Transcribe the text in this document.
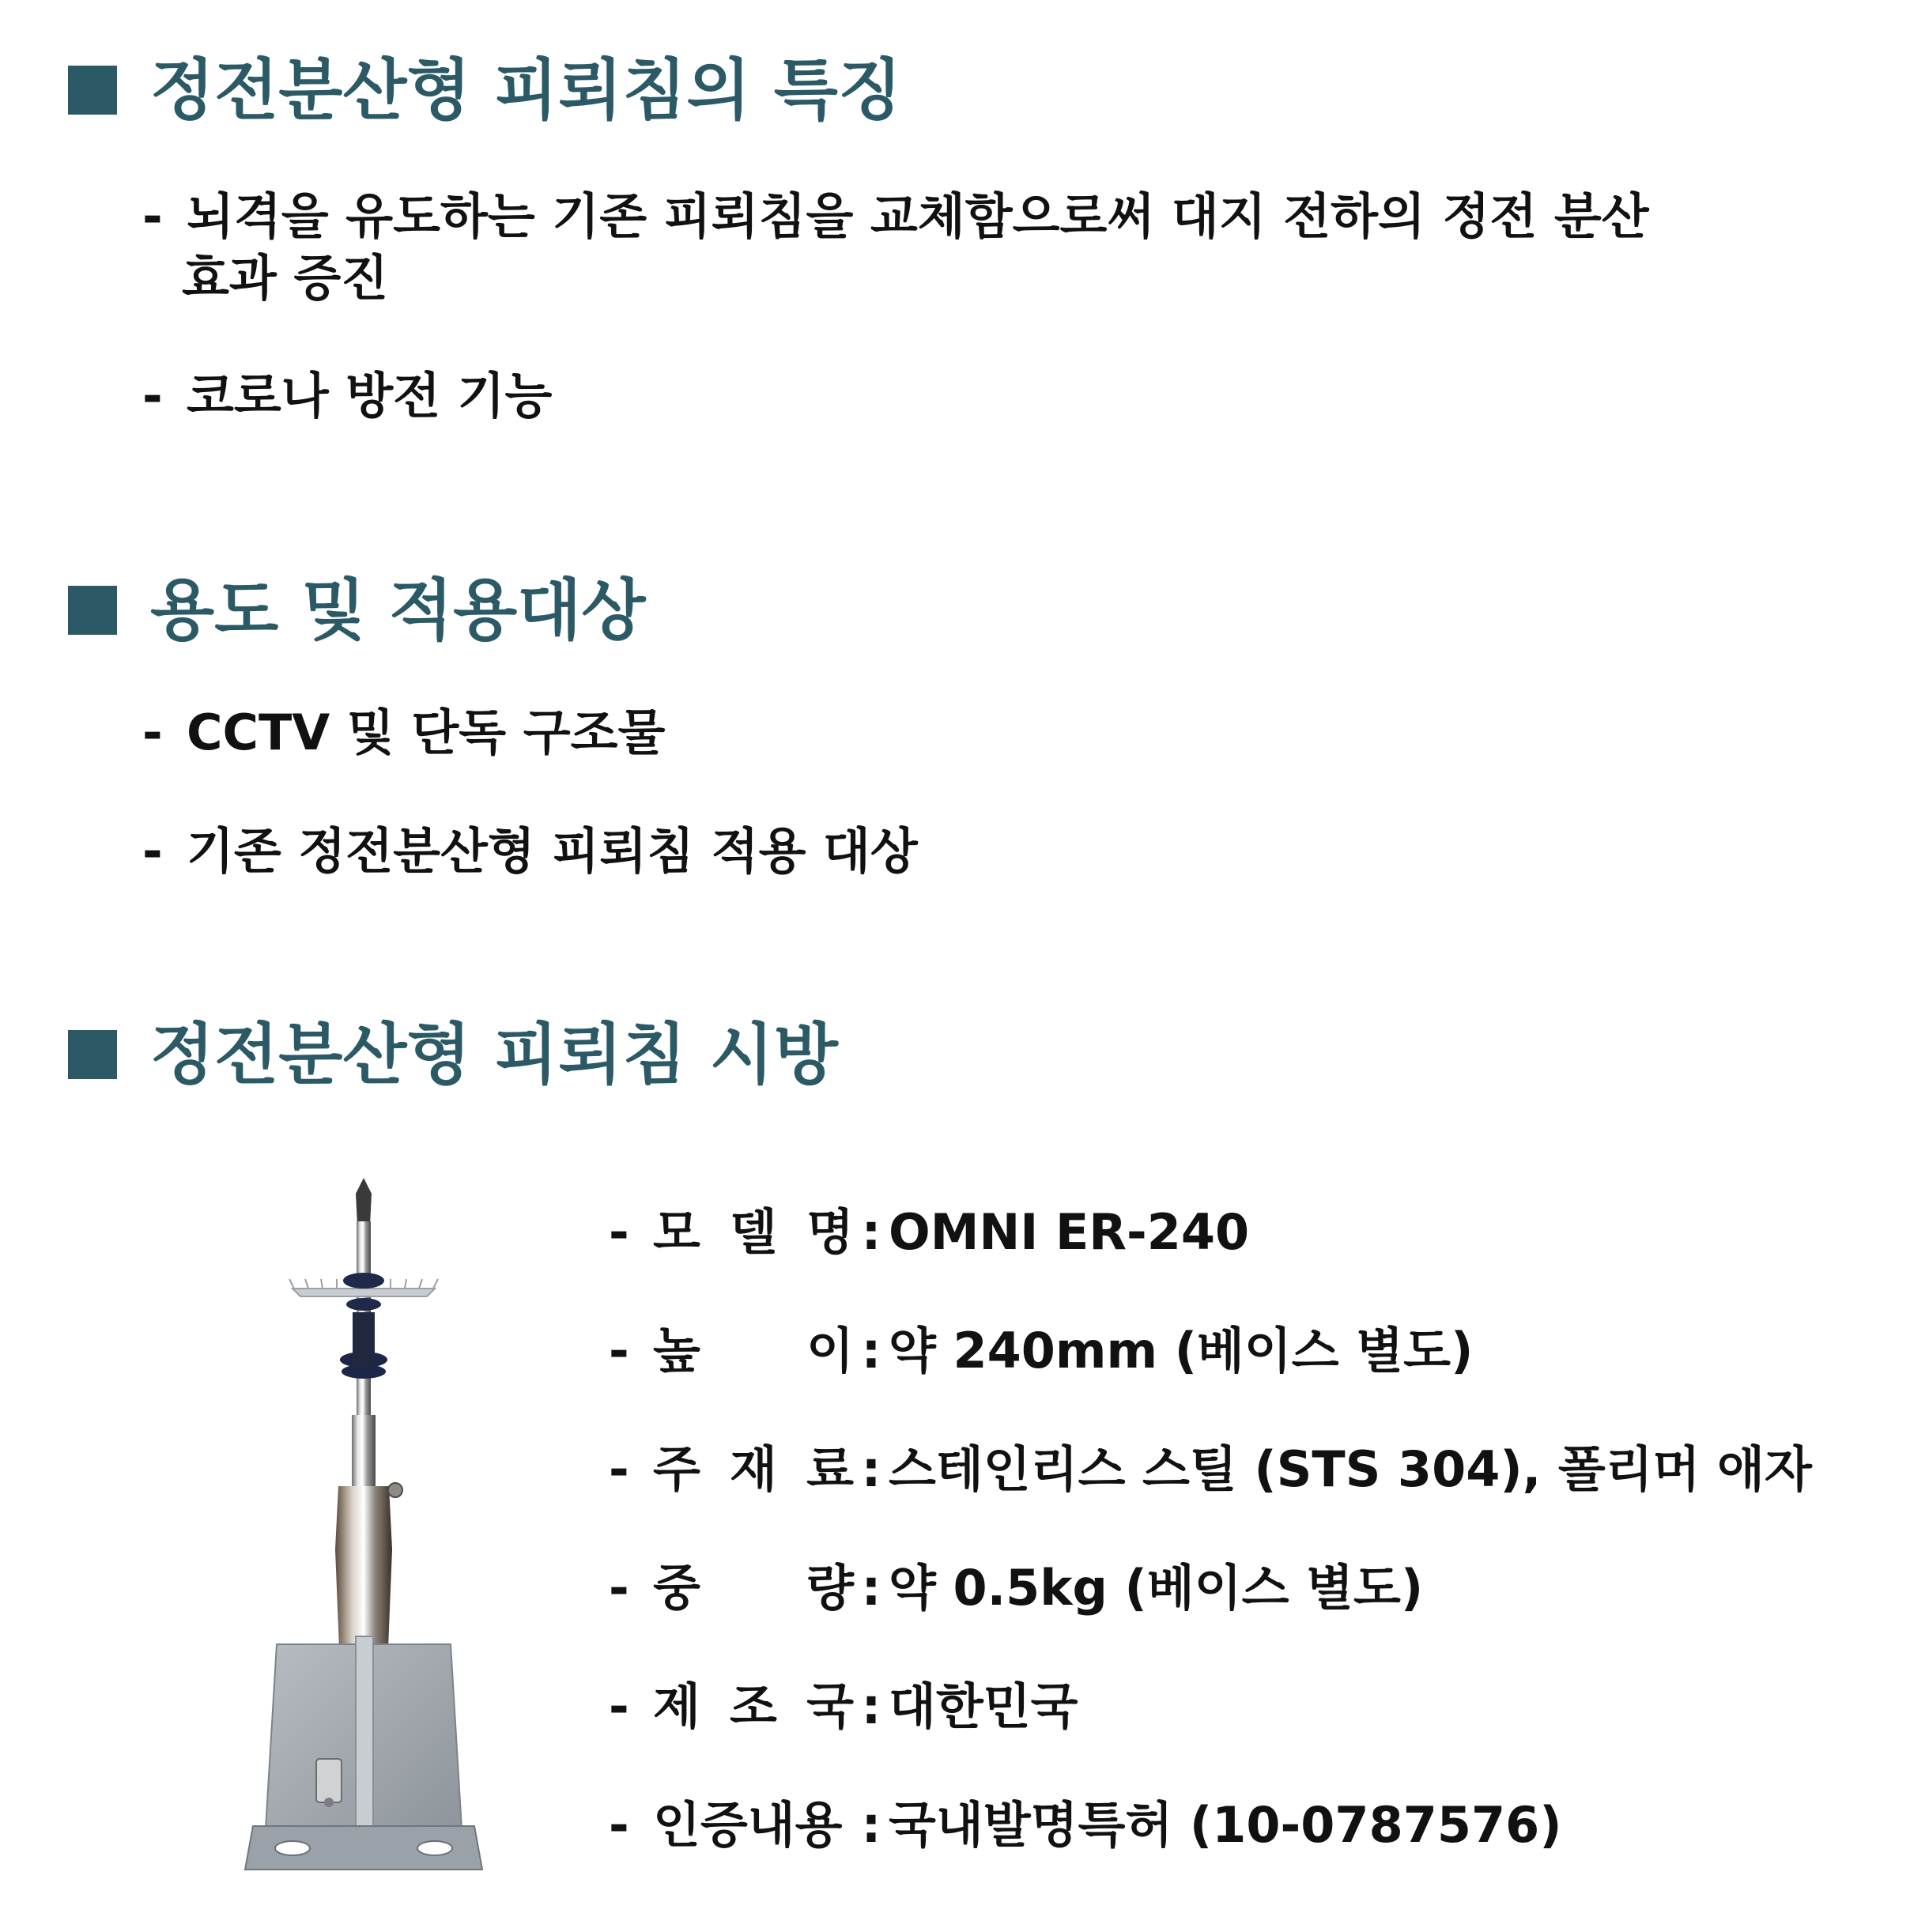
정전분산형 피뢰침의 특징
- 뇌격을 유도하는 기존 피뢰침을 교체함으로써 대지 전하의 정전 분산
효과 증진
- 코로나 방전 기능
용도 및 적용대상
- CCTV 및 단독 구조물
- 기존 정전분산형 피뢰침 적용 대상
정전분산형 피뢰침 시방
- 모 델 명 : OMNI ER-240
- 높 이 : 약 240mm (베이스 별도)
- 주 재 료 : 스테인리스 스틸 (STS 304), 폴리머 애자
- 중 량 : 약 0.5kg (베이스 별도)
- 제 조 국 : 대한민국
- 인증내용 : 국내발명특허 (10-0787576)
